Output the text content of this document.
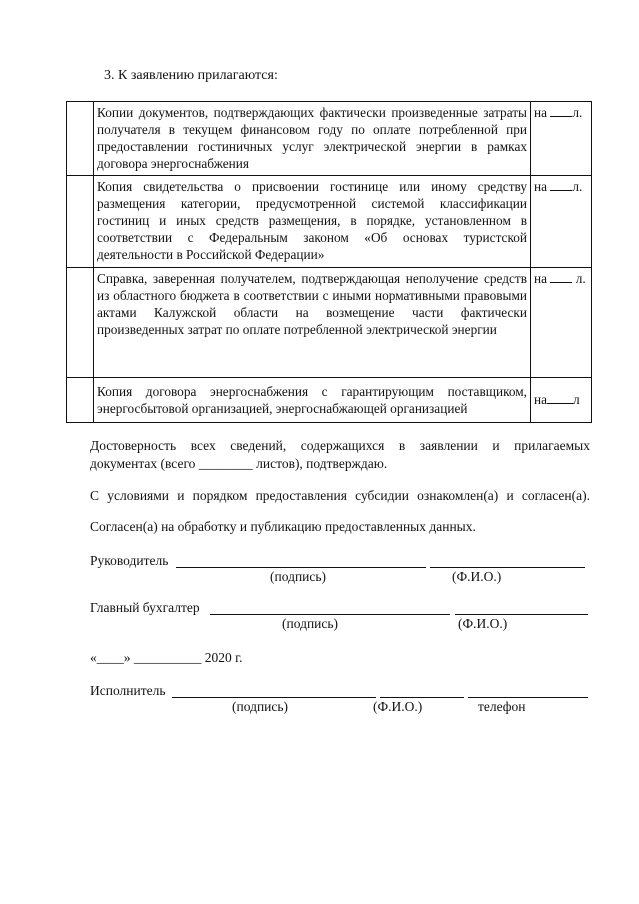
3. К заявлению прилагаются:
	Копии документов, подтверждающих фактически произведенные затраты получателя в текущем финансовом году по оплате потребленной при предоставлении гостиничных услуг электрической энергии в рамках договора энергоснабжения	на л.
	Копия свидетельства о присвоении гостинице или иному средству размещения категории, предусмотренной системой классификации гостиниц и иных средств размещения, в порядке, установленном в соответствии с Федеральным законом «Об основах туристской деятельности в Российской Федерации»	на л.
	Справка, заверенная получателем, подтверждающая неполучение средств из областного бюджета в соответствии с иными нормативными правовыми актами Калужской области на возмещение части фактически произведенных затрат по оплате потребленной электрической энергии	на л.
	Копия договора энергоснабжения с гарантирующим поставщиком, энергосбытовой организацией, энергоснабжающей организацией	на л
Достоверность всех сведений, содержащихся в заявлении и прилагаемых
документах (всего ________ листов), подтверждаю.
С условиями и порядком предоставления субсидии ознакомлен(а) и согласен(а).
Согласен(а) на обработку и публикацию предоставленных данных.
Руководитель
(подпись)	(Ф.И.О.)
Главный бухгалтер
(подпись)	(Ф.И.О.)
«____» __________ 2020 г.
Исполнитель
(подпись)	(Ф.И.О.)	телефон
